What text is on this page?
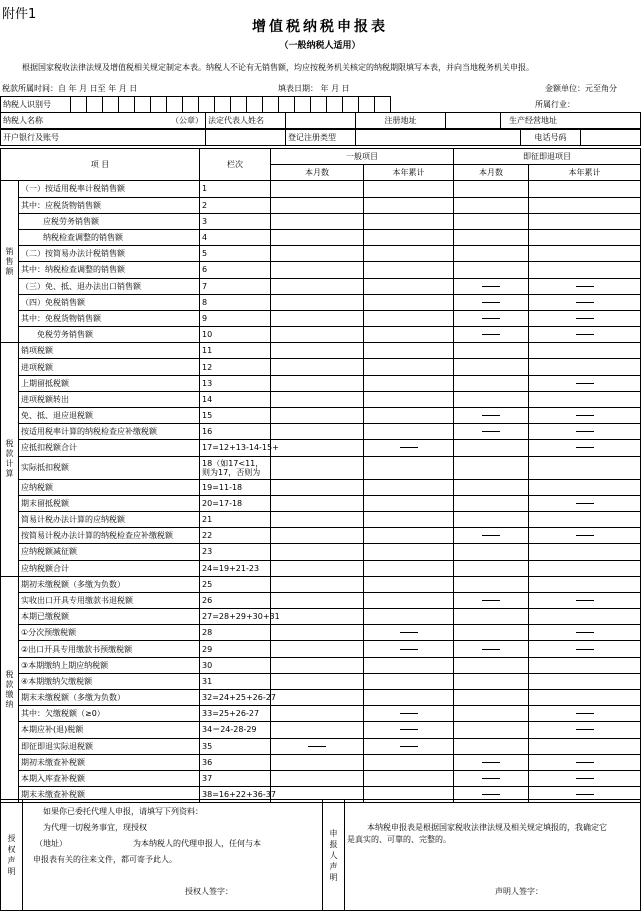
附件1
增值税纳税申报表
（一般纳税人适用）
根据国家税收法律法规及增值税相关规定制定本表。纳税人不论有无销售额，均应按税务机关核定的纳税期限填写本表，并向当地税务机关申报。
税款所属时间：自 年 月 日至 年 月 日	填表日期： 年 月 日	金额单位：元至角分
纳税人识别号																					所属行业：
纳税人名称	（公章）	法定代表人姓名		注册地址		生产经营地址
开户银行及账号		登记注册类型		电话号码	
项 目		栏次	一般项目		即征即退项目	
			本月数	本年累计	本月数	本年累计
销售额	（一）按适用税率计税销售额	1				
	其中：应税货物销售额	2				
	应税劳务销售额	3				
	纳税检查调整的销售额	4				
	（二）按简易办法计税销售额	5				
	其中：纳税检查调整的销售额	6				
	（三）免、抵、退办法出口销售额	7				
	（四）免税销售额	8				
	其中：免税货物销售额	9				
	免税劳务销售额	10				
税款计算	销项税额	11				
	进项税额	12				
	上期留抵税额	13				
	进项税额转出	14				
	免、抵、退应退税额	15				
	按适用税率计算的纳税检查应补缴税额	16				
	应抵扣税额合计	17=12+13-14-15+				
	实际抵扣税额	18（如17<11，则为17，否则为				
	应纳税额	19=11-18				
	期末留抵税额	20=17-18				
	简易计税办法计算的应纳税额	21				
	按简易计税办法计算的纳税检查应补缴税额	22				
	应纳税额减征额	23				
	应纳税额合计	24=19+21-23				
税款缴纳	期初未缴税额（多缴为负数）	25				
	实收出口开具专用缴款书退税额	26				
	本期已缴税额	27=28+29+30+31				
	①分次预缴税额	28				
	②出口开具专用缴款书预缴税额	29				
	③本期缴纳上期应纳税额	30				
	④本期缴纳欠缴税额	31				
	期末未缴税额（多缴为负数）	32=24+25+26-27				
	其中：欠缴税额（≥0）	33=25+26-27				
	本期应补(退)税额	34＝24-28-29				
	即征即退实际退税额	35				
	期初未缴查补税额	36				
	本期入库查补税额	37				
	期末未缴查补税额	38=16+22+36-37				
授权声明	
如果你已委托代理人申报，请填写下列资料：
为代理一切税务事宜，现授权
（地址）	为本纳税人的代理申报人，任何与本
申报表有关的往来文件，都可寄予此人。
授权人签字：
	申报人声明	
本纳税申报表是根据国家税收法律法规及相关规定填报的，我确定它
是真实的、可靠的、完整的。
声明人签字：
